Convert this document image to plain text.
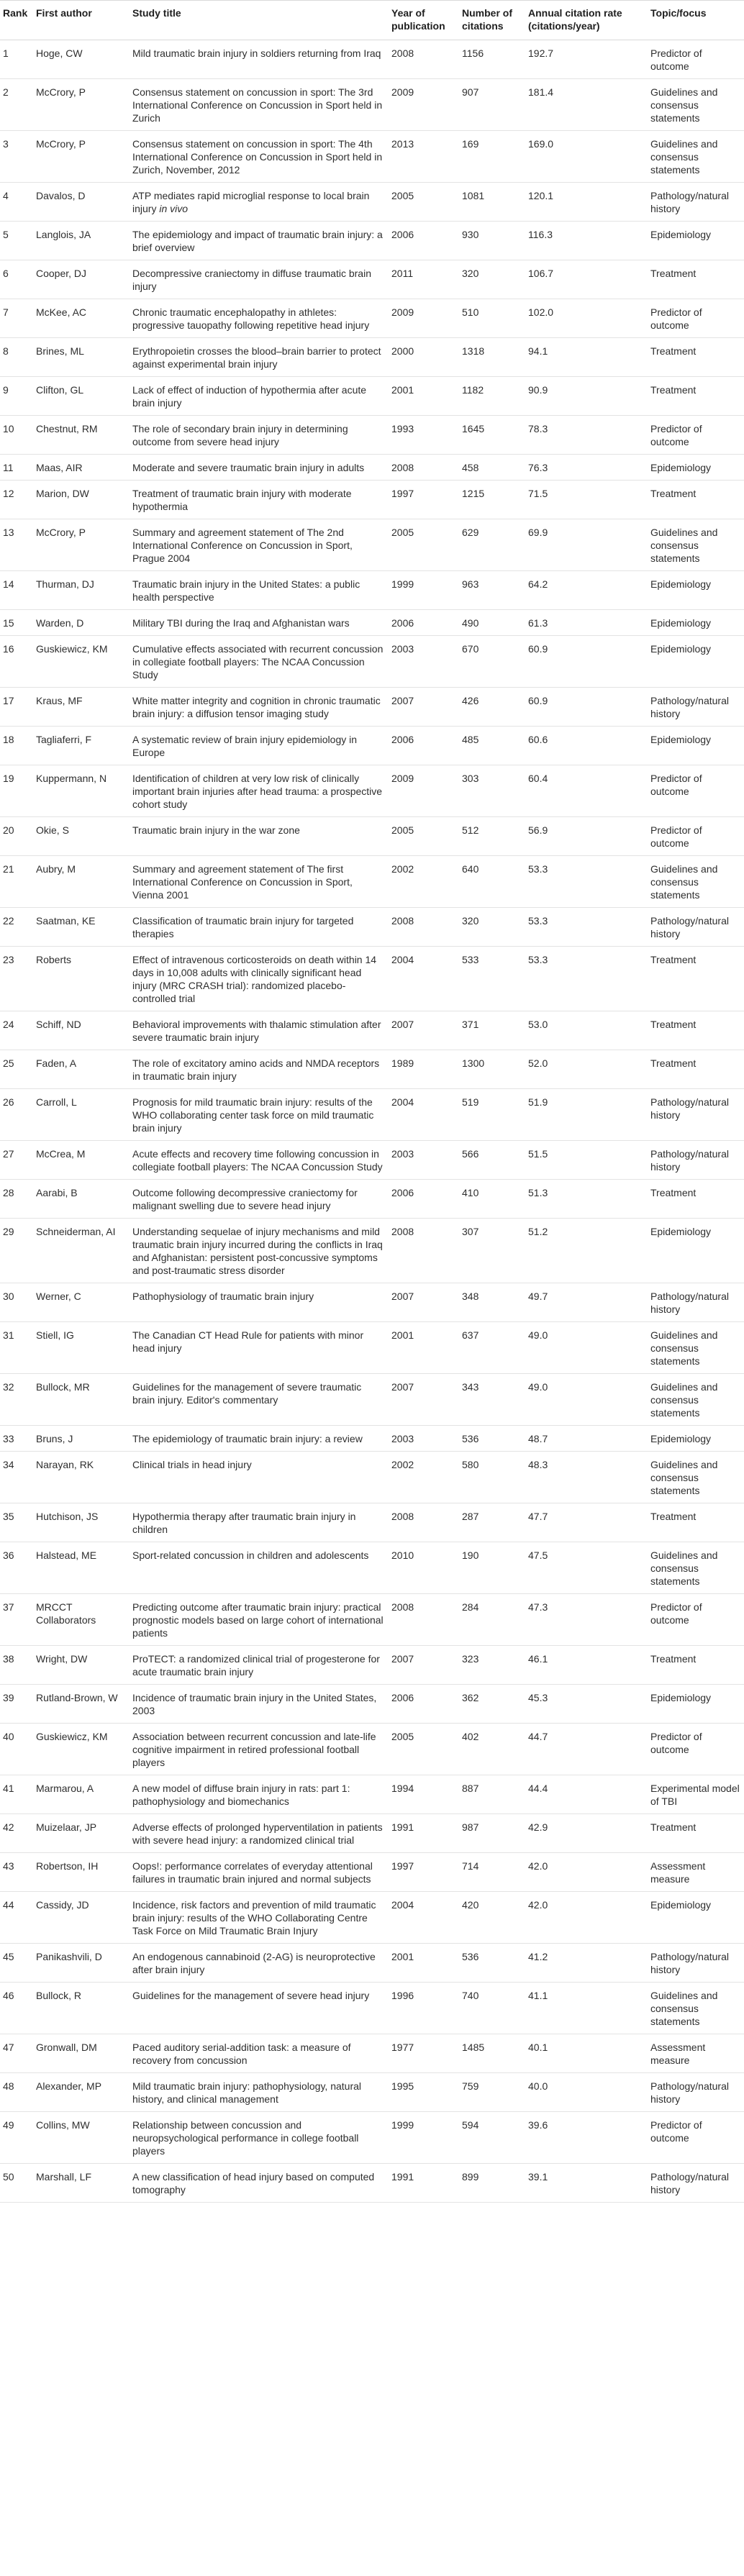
Rank	First author	Study title	Year of publication	Number of citations	Annual citation rate (citations/year)	Topic/focus
1	Hoge, CW	Mild traumatic brain injury in soldiers returning from Iraq	2008	1156	192.7	Predictor of outcome
2	McCrory, P	Consensus statement on concussion in sport: The 3rd International Conference on Concussion in Sport held in Zurich	2009	907	181.4	Guidelines and consensus statements
3	McCrory, P	Consensus statement on concussion in sport: The 4th International Conference on Concussion in Sport held in Zurich, November, 2012	2013	169	169.0	Guidelines and consensus statements
4	Davalos, D	ATP mediates rapid microglial response to local brain injury in vivo	2005	1081	120.1	Pathology/natural history
5	Langlois, JA	The epidemiology and impact of traumatic brain injury: a brief overview	2006	930	116.3	Epidemiology
6	Cooper, DJ	Decompressive craniectomy in diffuse traumatic brain injury	2011	320	106.7	Treatment
7	McKee, AC	Chronic traumatic encephalopathy in athletes: progressive tauopathy following repetitive head injury	2009	510	102.0	Predictor of outcome
8	Brines, ML	Erythropoietin crosses the blood–brain barrier to protect against experimental brain injury	2000	1318	94.1	Treatment
9	Clifton, GL	Lack of effect of induction of hypothermia after acute brain injury	2001	1182	90.9	Treatment
10	Chestnut, RM	The role of secondary brain injury in determining outcome from severe head injury	1993	1645	78.3	Predictor of outcome
11	Maas, AIR	Moderate and severe traumatic brain injury in adults	2008	458	76.3	Epidemiology
12	Marion, DW	Treatment of traumatic brain injury with moderate hypothermia	1997	1215	71.5	Treatment
13	McCrory, P	Summary and agreement statement of The 2nd International Conference on Concussion in Sport, Prague 2004	2005	629	69.9	Guidelines and consensus statements
14	Thurman, DJ	Traumatic brain injury in the United States: a public health perspective	1999	963	64.2	Epidemiology
15	Warden, D	Military TBI during the Iraq and Afghanistan wars	2006	490	61.3	Epidemiology
16	Guskiewicz, KM	Cumulative effects associated with recurrent concussion in collegiate football players: The NCAA Concussion Study	2003	670	60.9	Epidemiology
17	Kraus, MF	White matter integrity and cognition in chronic traumatic brain injury: a diffusion tensor imaging study	2007	426	60.9	Pathology/natural history
18	Tagliaferri, F	A systematic review of brain injury epidemiology in Europe	2006	485	60.6	Epidemiology
19	Kuppermann, N	Identification of children at very low risk of clinically important brain injuries after head trauma: a prospective cohort study	2009	303	60.4	Predictor of outcome
20	Okie, S	Traumatic brain injury in the war zone	2005	512	56.9	Predictor of outcome
21	Aubry, M	Summary and agreement statement of The first International Conference on Concussion in Sport, Vienna 2001	2002	640	53.3	Guidelines and consensus statements
22	Saatman, KE	Classification of traumatic brain injury for targeted therapies	2008	320	53.3	Pathology/natural history
23	Roberts	Effect of intravenous corticosteroids on death within 14 days in 10,008 adults with clinically significant head injury (MRC CRASH trial): randomized placebo-controlled trial	2004	533	53.3	Treatment
24	Schiff, ND	Behavioral improvements with thalamic stimulation after severe traumatic brain injury	2007	371	53.0	Treatment
25	Faden, A	The role of excitatory amino acids and NMDA receptors in traumatic brain injury	1989	1300	52.0	Treatment
26	Carroll, L	Prognosis for mild traumatic brain injury: results of the WHO collaborating center task force on mild traumatic brain injury	2004	519	51.9	Pathology/natural history
27	McCrea, M	Acute effects and recovery time following concussion in collegiate football players: The NCAA Concussion Study	2003	566	51.5	Pathology/natural history
28	Aarabi, B	Outcome following decompressive craniectomy for malignant swelling due to severe head injury	2006	410	51.3	Treatment
29	Schneiderman, AI	Understanding sequelae of injury mechanisms and mild traumatic brain injury incurred during the conflicts in Iraq and Afghanistan: persistent post-concussive symptoms and post-traumatic stress disorder	2008	307	51.2	Epidemiology
30	Werner, C	Pathophysiology of traumatic brain injury	2007	348	49.7	Pathology/natural history
31	Stiell, IG	The Canadian CT Head Rule for patients with minor head injury	2001	637	49.0	Guidelines and consensus statements
32	Bullock, MR	Guidelines for the management of severe traumatic brain injury. Editor's commentary	2007	343	49.0	Guidelines and consensus statements
33	Bruns, J	The epidemiology of traumatic brain injury: a review	2003	536	48.7	Epidemiology
34	Narayan, RK	Clinical trials in head injury	2002	580	48.3	Guidelines and consensus statements
35	Hutchison, JS	Hypothermia therapy after traumatic brain injury in children	2008	287	47.7	Treatment
36	Halstead, ME	Sport-related concussion in children and adolescents	2010	190	47.5	Guidelines and consensus statements
37	MRCCT Collaborators	Predicting outcome after traumatic brain injury: practical prognostic models based on large cohort of international patients	2008	284	47.3	Predictor of outcome
38	Wright, DW	ProTECT: a randomized clinical trial of progesterone for acute traumatic brain injury	2007	323	46.1	Treatment
39	Rutland-Brown, W	Incidence of traumatic brain injury in the United States, 2003	2006	362	45.3	Epidemiology
40	Guskiewicz, KM	Association between recurrent concussion and late-life cognitive impairment in retired professional football players	2005	402	44.7	Predictor of outcome
41	Marmarou, A	A new model of diffuse brain injury in rats: part 1: pathophysiology and biomechanics	1994	887	44.4	Experimental model of TBI
42	Muizelaar, JP	Adverse effects of prolonged hyperventilation in patients with severe head injury: a randomized clinical trial	1991	987	42.9	Treatment
43	Robertson, IH	Oops!: performance correlates of everyday attentional failures in traumatic brain injured and normal subjects	1997	714	42.0	Assessment measure
44	Cassidy, JD	Incidence, risk factors and prevention of mild traumatic brain injury: results of the WHO Collaborating Centre Task Force on Mild Traumatic Brain Injury	2004	420	42.0	Epidemiology
45	Panikashvili, D	An endogenous cannabinoid (2-AG) is neuroprotective after brain injury	2001	536	41.2	Pathology/natural history
46	Bullock, R	Guidelines for the management of severe head injury	1996	740	41.1	Guidelines and consensus statements
47	Gronwall, DM	Paced auditory serial-addition task: a measure of recovery from concussion	1977	1485	40.1	Assessment measure
48	Alexander, MP	Mild traumatic brain injury: pathophysiology, natural history, and clinical management	1995	759	40.0	Pathology/natural history
49	Collins, MW	Relationship between concussion and neuropsychological performance in college football players	1999	594	39.6	Predictor of outcome
50	Marshall, LF	A new classification of head injury based on computed tomography	1991	899	39.1	Pathology/natural history
